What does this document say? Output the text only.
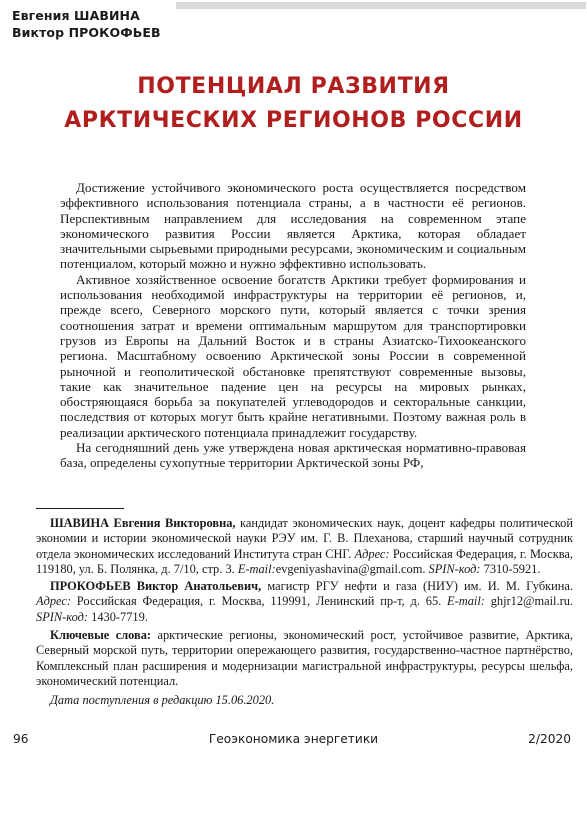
Евгения ШАВИНА
Виктор ПРОКОФЬЕВ
ПОТЕНЦИАЛ РАЗВИТИЯ
АРКТИЧЕСКИХ РЕГИОНОВ РОССИИ

Достижение устойчивого экономического роста осуществляется посредством эффективного использования потенциала страны, а в частности её регионов. Перспективным направлением для исследования на современном этапе экономического развития России является Арктика, которая обладает значительными сырьевыми природными ресурсами, экономическим и социальным потенциалом, который можно и нужно эффективно использовать.

Активное хозяйственное освоение богатств Арктики требует формирования и использования необходимой инфраструктуры на территории её регионов, и, прежде всего, Северного морского пути, который является с точки зрения соотношения затрат и времени оптимальным маршрутом для транспортировки грузов из Европы на Дальний Восток и в страны Азиатско-Тихоокеанского региона. Масштабному освоению Арктической зоны России в современной рыночной и геополитической обстановке препятствуют современные вызовы, такие как значительное падение цен на ресурсы на мировых рынках, обостряющаяся борьба за покупателей углеводородов и секторальные санкции, последствия от которых могут быть крайне негативными. Поэтому важная роль в реализации арктического потенциала принадлежит государству.

На сегодняшний день уже утверждена новая арктическая нормативно-правовая база, определены сухопутные территории Арктической зоны РФ,

ШАВИНА Евгения Викторовна, кандидат экономических наук, доцент кафедры политической экономии и истории экономической науки РЭУ им. Г. В. Плеханова, старший научный сотрудник отдела экономических исследований Института стран СНГ. Адрес: Российская Федерация, г. Москва, 119180, ул. Б. Полянка, д. 7/10, стр. 3. E-mail:evgeniyashavina@gmail.com. SPIN-код: 7310-5921.

ПРОКОФЬЕВ Виктор Анатольевич, магистр РГУ нефти и газа (НИУ) им. И. М. Губкина. Адрес: Российская Федерация, г. Москва, 119991, Ленинский пр-т, д. 65. E-mail: ghjr12@mail.ru. SPIN-код: 1430-7719.

Ключевые слова: арктические регионы, экономический рост, устойчивое развитие, Арктика, Северный морской путь, территории опережающего развития, государственно-частное партнёрство, Комплексный план расширения и модернизации магистральной инфраструктуры, ресурсы шельфа, экономический потенциал.

Дата поступления в редакцию 15.06.2020.

96	Геоэкономика энергетики	2/2020
